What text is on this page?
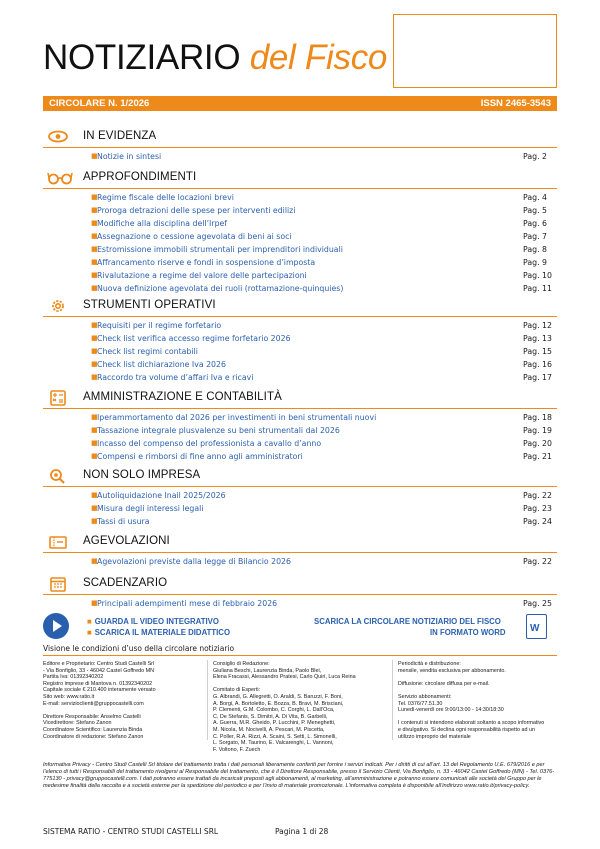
NOTIZIARIO del Fisco
CIRCOLARE N. 1/2026	ISSN 2465-3543
IN EVIDENZA
■ Notizie in sintesi	Pag. 2
APPROFONDIMENTI
■ Regime fiscale delle locazioni brevi	Pag. 4
■ Proroga detrazioni delle spese per interventi edilizi	Pag. 5
■ Modifiche alla disciplina dell’Irpef	Pag. 6
■ Assegnazione o cessione agevolata di beni ai soci	Pag. 7
■ Estromissione immobili strumentali per imprenditori individuali	Pag. 8
■ Affrancamento riserve e fondi in sospensione d’imposta	Pag. 9
■ Rivalutazione a regime del valore delle partecipazioni	Pag. 10
■ Nuova definizione agevolata dei ruoli (rottamazione-quinquies)	Pag. 11
STRUMENTI OPERATIVI
■ Requisiti per il regime forfetario	Pag. 12
■ Check list verifica accesso regime forfetario 2026	Pag. 13
■ Check list regimi contabili	Pag. 15
■ Check list dichiarazione Iva 2026	Pag. 16
■ Raccordo tra volume d’affari Iva e ricavi	Pag. 17
AMMINISTRAZIONE E CONTABILITÀ
■ Iperammortamento dal 2026 per investimenti in beni strumentali nuovi	Pag. 18
■ Tassazione integrale plusvalenze su beni strumentali dal 2026	Pag. 19
■ Incasso del compenso del professionista a cavallo d’anno	Pag. 20
■ Compensi e rimborsi di fine anno agli amministratori	Pag. 21
NON SOLO IMPRESA
■ Autoliquidazione Inail 2025/2026	Pag. 22
■ Misura degli interessi legali	Pag. 23
■ Tassi di usura	Pag. 24
AGEVOLAZIONI
■ Agevolazioni previste dalla legge di Bilancio 2026	Pag. 22
SCADENZARIO
■ Principali adempimenti mese di febbraio 2026	Pag. 25
■ GUARDA IL VIDEO INTEGRATIVO
■ SCARICA IL MATERIALE DIDATTICO
SCARICA LA CIRCOLARE NOTIZIARIO DEL FISCO
IN FORMATO WORD W
Visione le condizioni d’uso della circolare notiziario
Editore e Proprietario: Centro Studi Castelli Srl
- Via Bonfiglio, 33 - 46042 Castel Goffredo MN
Partita Iva: 01392340202
Registro imprese di Mantova n. 01392340202
Capitale sociale € 210.400 interamente versato
Sito web: www.ratio.it
E-mail: servizioclienti@gruppocastelli.com
Direttore Responsabile: Anselmo Castelli
Vicedirettore: Stefano Zanon
Coordinatore Scientifico: Laurenzia Binda
Coordinatore di redazione: Stefano Zanon
Consiglio di Redazione:
Giuliana Beschi, Laurenzia Binda, Paolo Blei,
Elena Fracassi, Alessandro Pratesi, Carlo Quiri, Luca Reina
Comitato di Esperti:
G. Albrandi, G. Allegretti, O. Araldi, S. Baruzzi, F. Boni,
A. Borgi, A. Bortoletto, E. Bozza, B. Bravi, M. Brisciani,
P. Clementi, G.M. Colombo, C. Corghi, L. Dall’Oca,
C. De Stefanis, S. Dimitri, A. Di Vita, B. Garbelli,
A. Guerra, M.R. Gheido, P. Lucchini, P. Meneghetti,
M. Nicola, M. Nocivelli, A. Pescari, M. Piscetta,
C. Poller, R.A. Rizzi, A. Scaini, S. Setti, L. Simonelli,
L. Sorgato, M. Taurino, E. Valcarenghi, L. Vannoni,
F. Voltono, F. Zuech
Periodicità e distribuzione:
mensile, vendita esclusiva per abbonamento.
Diffusione: circolare diffusa per e-mail.
Servizio abbonamenti:
Tel. 0376/77.51.30
Lunedì-venerdì ore 9:00/13:00 - 14:30/18:30
I contenuti si intendono elaborati soltanto a scopo informativo
e divulgativo. Si declina ogni responsabilità rispetto ad un
utilizzo improprio del materiale
Informativa Privacy - Centro Studi Castelli Srl titolare del trattamento tratta i dati personali liberamente conferiti per fornire i servizi indicati. Per i diritti di cui all’art. 13 del Regolamento U.E. 679/2016 e per l’elenco di tutti i Responsabili del trattamento rivolgersi al Responsabile del trattamento, che è il Direttore Responsabile, presso il Servizio Clienti, Via Bonfiglio, n. 33 - 46042 Castel Goffredo (MN) - Tel. 0376-775130 - privacy@gruppocastelli.com. I dati potranno essere trattati da incaricati preposti agli abbonamenti, al marketing, all’amministrazione e potranno essere comunicati alle società del Gruppo per le medesime finalità della raccolta e a società esterne per la spedizione del periodico e per l’invio di materiale promozionale. L’informativa completa è disponibile all’indirizzo www.ratio.it/privacy-policy.
SISTEMA RATIO - CENTRO STUDI CASTELLI SRL	Pagina 1 di 28
